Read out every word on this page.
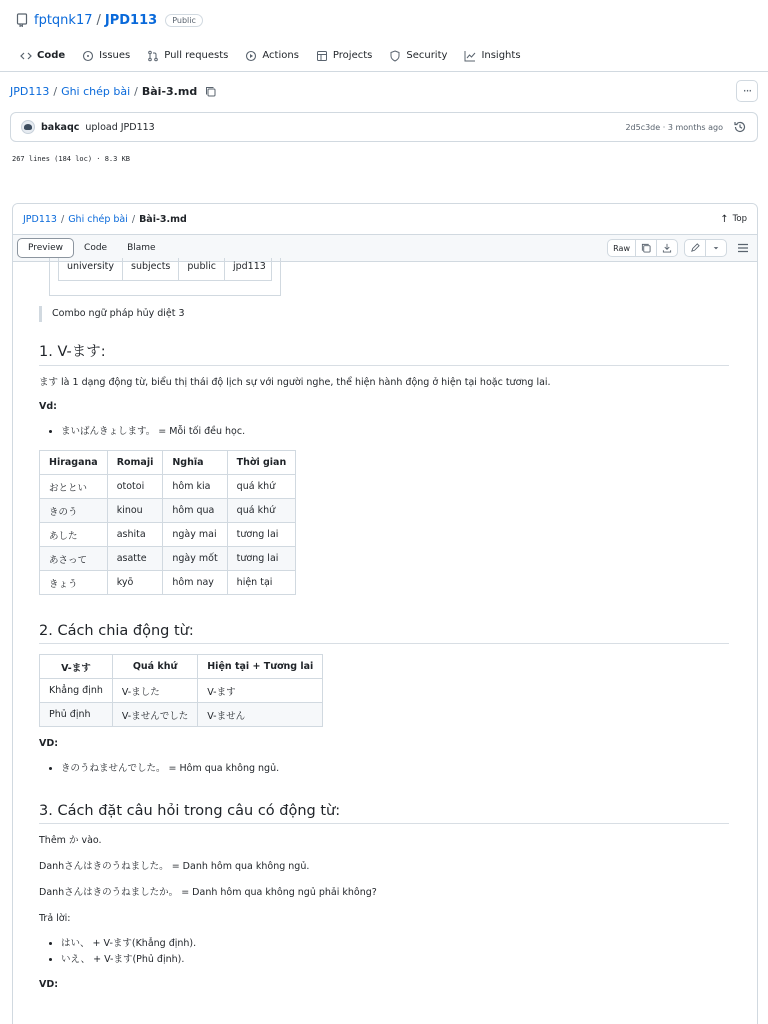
fptqnk17 / JPD113	Public
Code	Issues	Pull requests	Actions	Projects	Security	Insights
JPD113 / Ghi chép bài / Bài-3.md	···
bakaqc upload JPD113	2d5c3de · 3 months ago
267 lines (184 loc) · 8.3 KB
JPD113 / Ghi chép bài / Bài-3.md	↑ Top
Preview	Code	Blame	Raw
university	subjects	public	jpd113
Combo ngữ pháp hủy diệt 3
1. V-ます:

ます là 1 dạng động từ, biểu thị thái độ lịch sự với người nghe, thể hiện hành động ở hiện tại hoặc tương lai.

Vd:

• まいばんきょします。 = Mỗi tối đều học.
Hiragana	Romaji	Nghĩa	Thời gian
おととい	ototoi	hôm kia	quá khứ
きのう	kinou	hôm qua	quá khứ
あした	ashita	ngày mai	tương lai
あさって	asatte	ngày mốt	tương lai
きょう	kyō	hôm nay	hiện tại
2. Cách chia động từ:
V-ます	Quá khứ	Hiện tại + Tương lai
Khẳng định	V-ました	V-ます
Phủ định	V-ませんでした	V-ません

VD:

• きのうねませんでした。 = Hôm qua không ngủ.
3. Cách đặt câu hỏi trong câu có động từ:

Thêm か vào.

Danhさんはきのうねました。 = Danh hôm qua không ngủ.

Danhさんはきのうねましたか。 = Danh hôm qua không ngủ phải không?

Trả lời:

• はい、 + V-ます(Khẳng định).
• いえ、 + V-ます(Phủ định).

VD:
